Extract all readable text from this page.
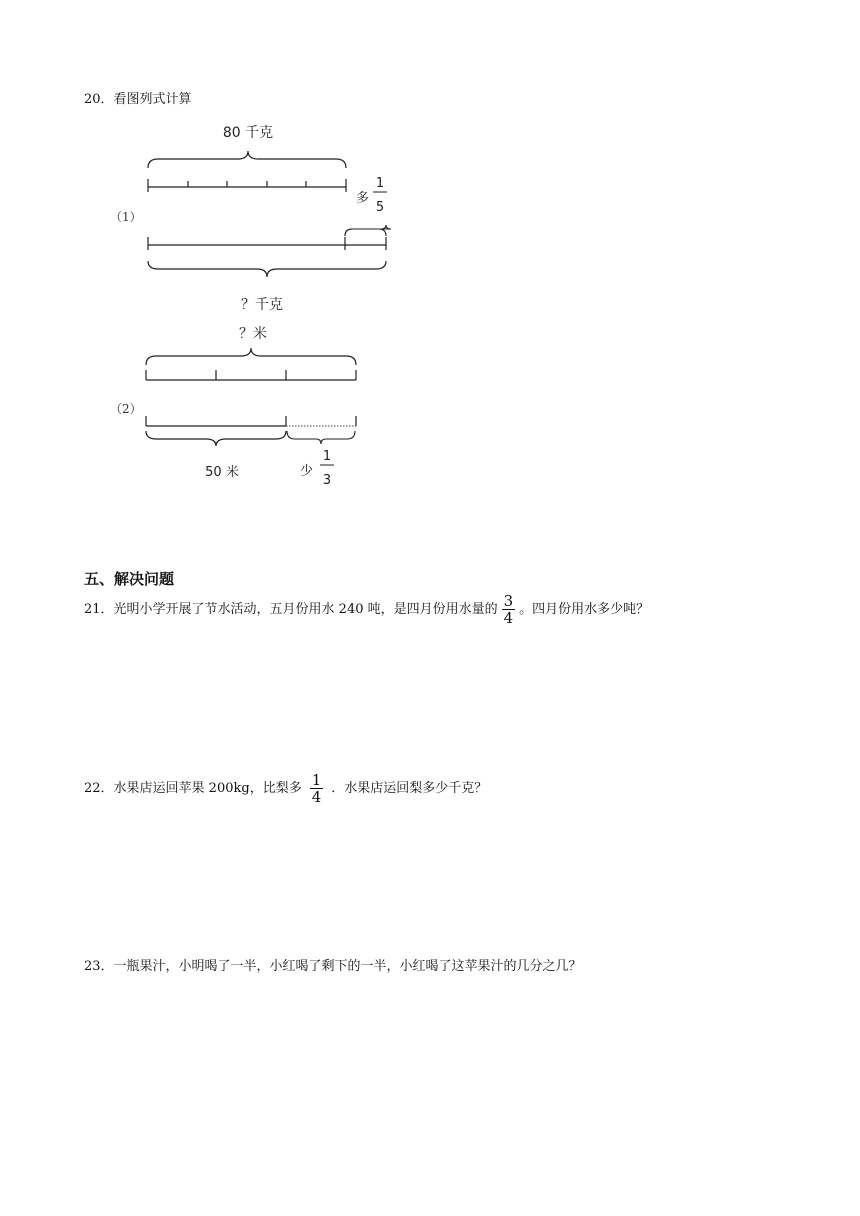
20．看图列式计算
（1）
80 千克
多
1
5
？千克
（2）
？米
50 米	少
1
3
五、解决问题
21．光明小学开展了节水活动，五月份用水 240 吨，是四月份用水量的 $\frac{3}{4}$ 。四月份用水多少吨？
22．水果店运回苹果 200kg，比梨多 $\frac{1}{4}$ ．水果店运回梨多少千克？
23．一瓶果汁，小明喝了一半，小红喝了剩下的一半，小红喝了这苹果汁的几分之几？
